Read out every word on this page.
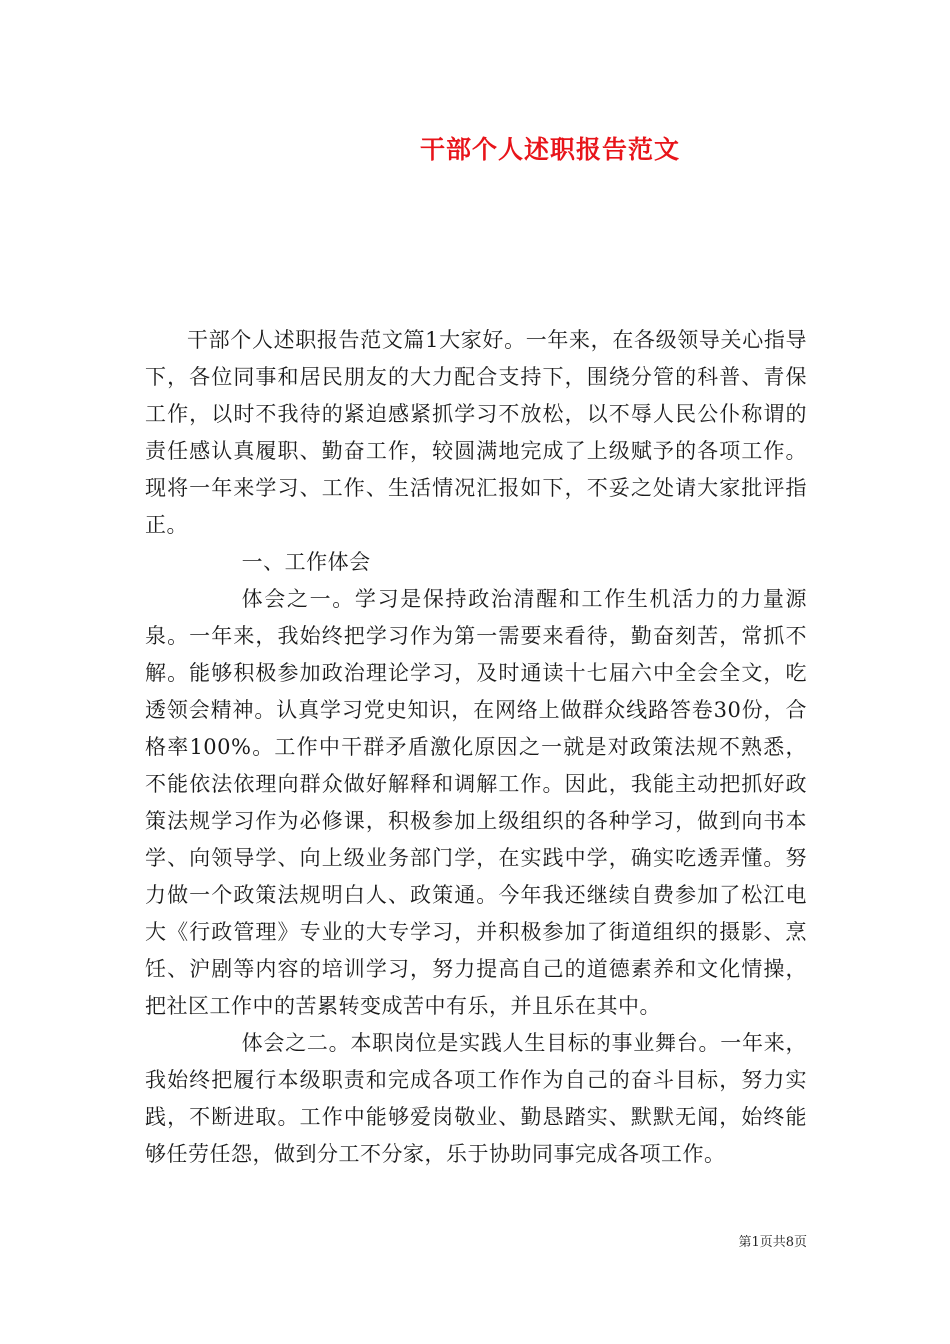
干部个人述职报告范文

干部个人述职报告范文篇1大家好。一年来，在各级领导关心指导下，各位同事和居民朋友的大力配合支持下，围绕分管的科普、青保工作，以时不我待的紧迫感紧抓学习不放松，以不辱人民公仆称谓的责任感认真履职、勤奋工作，较圆满地完成了上级赋予的各项工作。现将一年来学习、工作、生活情况汇报如下，不妥之处请大家批评指正。

一、工作体会

体会之一。学习是保持政治清醒和工作生机活力的力量源泉。一年来，我始终把学习作为第一需要来看待，勤奋刻苦，常抓不解。能够积极参加政治理论学习，及时通读十七届六中全会全文，吃透领会精神。认真学习党史知识，在网络上做群众线路答卷30份，合格率100%。工作中干群矛盾激化原因之一就是对政策法规不熟悉，不能依法依理向群众做好解释和调解工作。因此，我能主动把抓好政策法规学习作为必修课，积极参加上级组织的各种学习，做到向书本学、向领导学、向上级业务部门学，在实践中学，确实吃透弄懂。努力做一个政策法规明白人、政策通。今年我还继续自费参加了松江电大《行政管理》专业的大专学习，并积极参加了街道组织的摄影、烹饪、沪剧等内容的培训学习，努力提高自己的道德素养和文化情操，把社区工作中的苦累转变成苦中有乐，并且乐在其中。

体会之二。本职岗位是实践人生目标的事业舞台。一年来，我始终把履行本级职责和完成各项工作作为自己的奋斗目标，努力实践，不断进取。工作中能够爱岗敬业、勤恳踏实、默默无闻，始终能够任劳任怨，做到分工不分家，乐于协助同事完成各项工作。

第1页共8页
